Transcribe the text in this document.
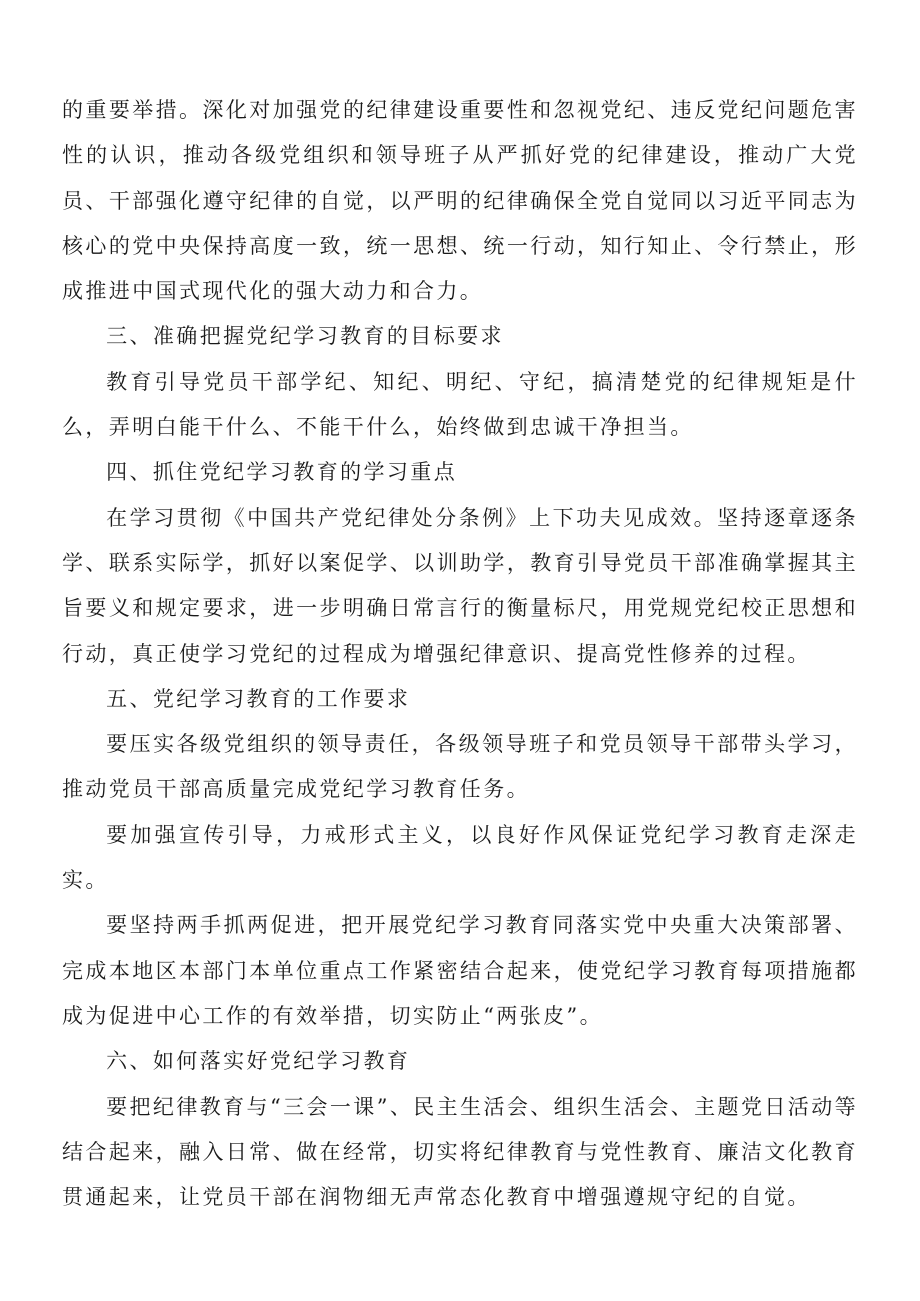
的重要举措。深化对加强党的纪律建设重要性和忽视党纪、违反党纪问题危害性的认识，推动各级党组织和领导班子从严抓好党的纪律建设，推动广大党员、干部强化遵守纪律的自觉，以严明的纪律确保全党自觉同以习近平同志为核心的党中央保持高度一致，统一思想、统一行动，知行知止、令行禁止，形成推进中国式现代化的强大动力和合力。

三、准确把握党纪学习教育的目标要求

教育引导党员干部学纪、知纪、明纪、守纪，搞清楚党的纪律规矩是什么，弄明白能干什么、不能干什么，始终做到忠诚干净担当。

四、抓住党纪学习教育的学习重点

在学习贯彻《中国共产党纪律处分条例》上下功夫见成效。坚持逐章逐条学、联系实际学，抓好以案促学、以训助学，教育引导党员干部准确掌握其主旨要义和规定要求，进一步明确日常言行的衡量标尺，用党规党纪校正思想和行动，真正使学习党纪的过程成为增强纪律意识、提高党性修养的过程。

五、党纪学习教育的工作要求

要压实各级党组织的领导责任，各级领导班子和党员领导干部带头学习，推动党员干部高质量完成党纪学习教育任务。

要加强宣传引导，力戒形式主义，以良好作风保证党纪学习教育走深走实。

要坚持两手抓两促进，把开展党纪学习教育同落实党中央重大决策部署、完成本地区本部门本单位重点工作紧密结合起来，使党纪学习教育每项措施都成为促进中心工作的有效举措，切实防止“两张皮”。

六、如何落实好党纪学习教育

要把纪律教育与“三会一课”、民主生活会、组织生活会、主题党日活动等结合起来，融入日常、做在经常，切实将纪律教育与党性教育、廉洁文化教育贯通起来，让党员干部在润物细无声常态化教育中增强遵规守纪的自觉。
